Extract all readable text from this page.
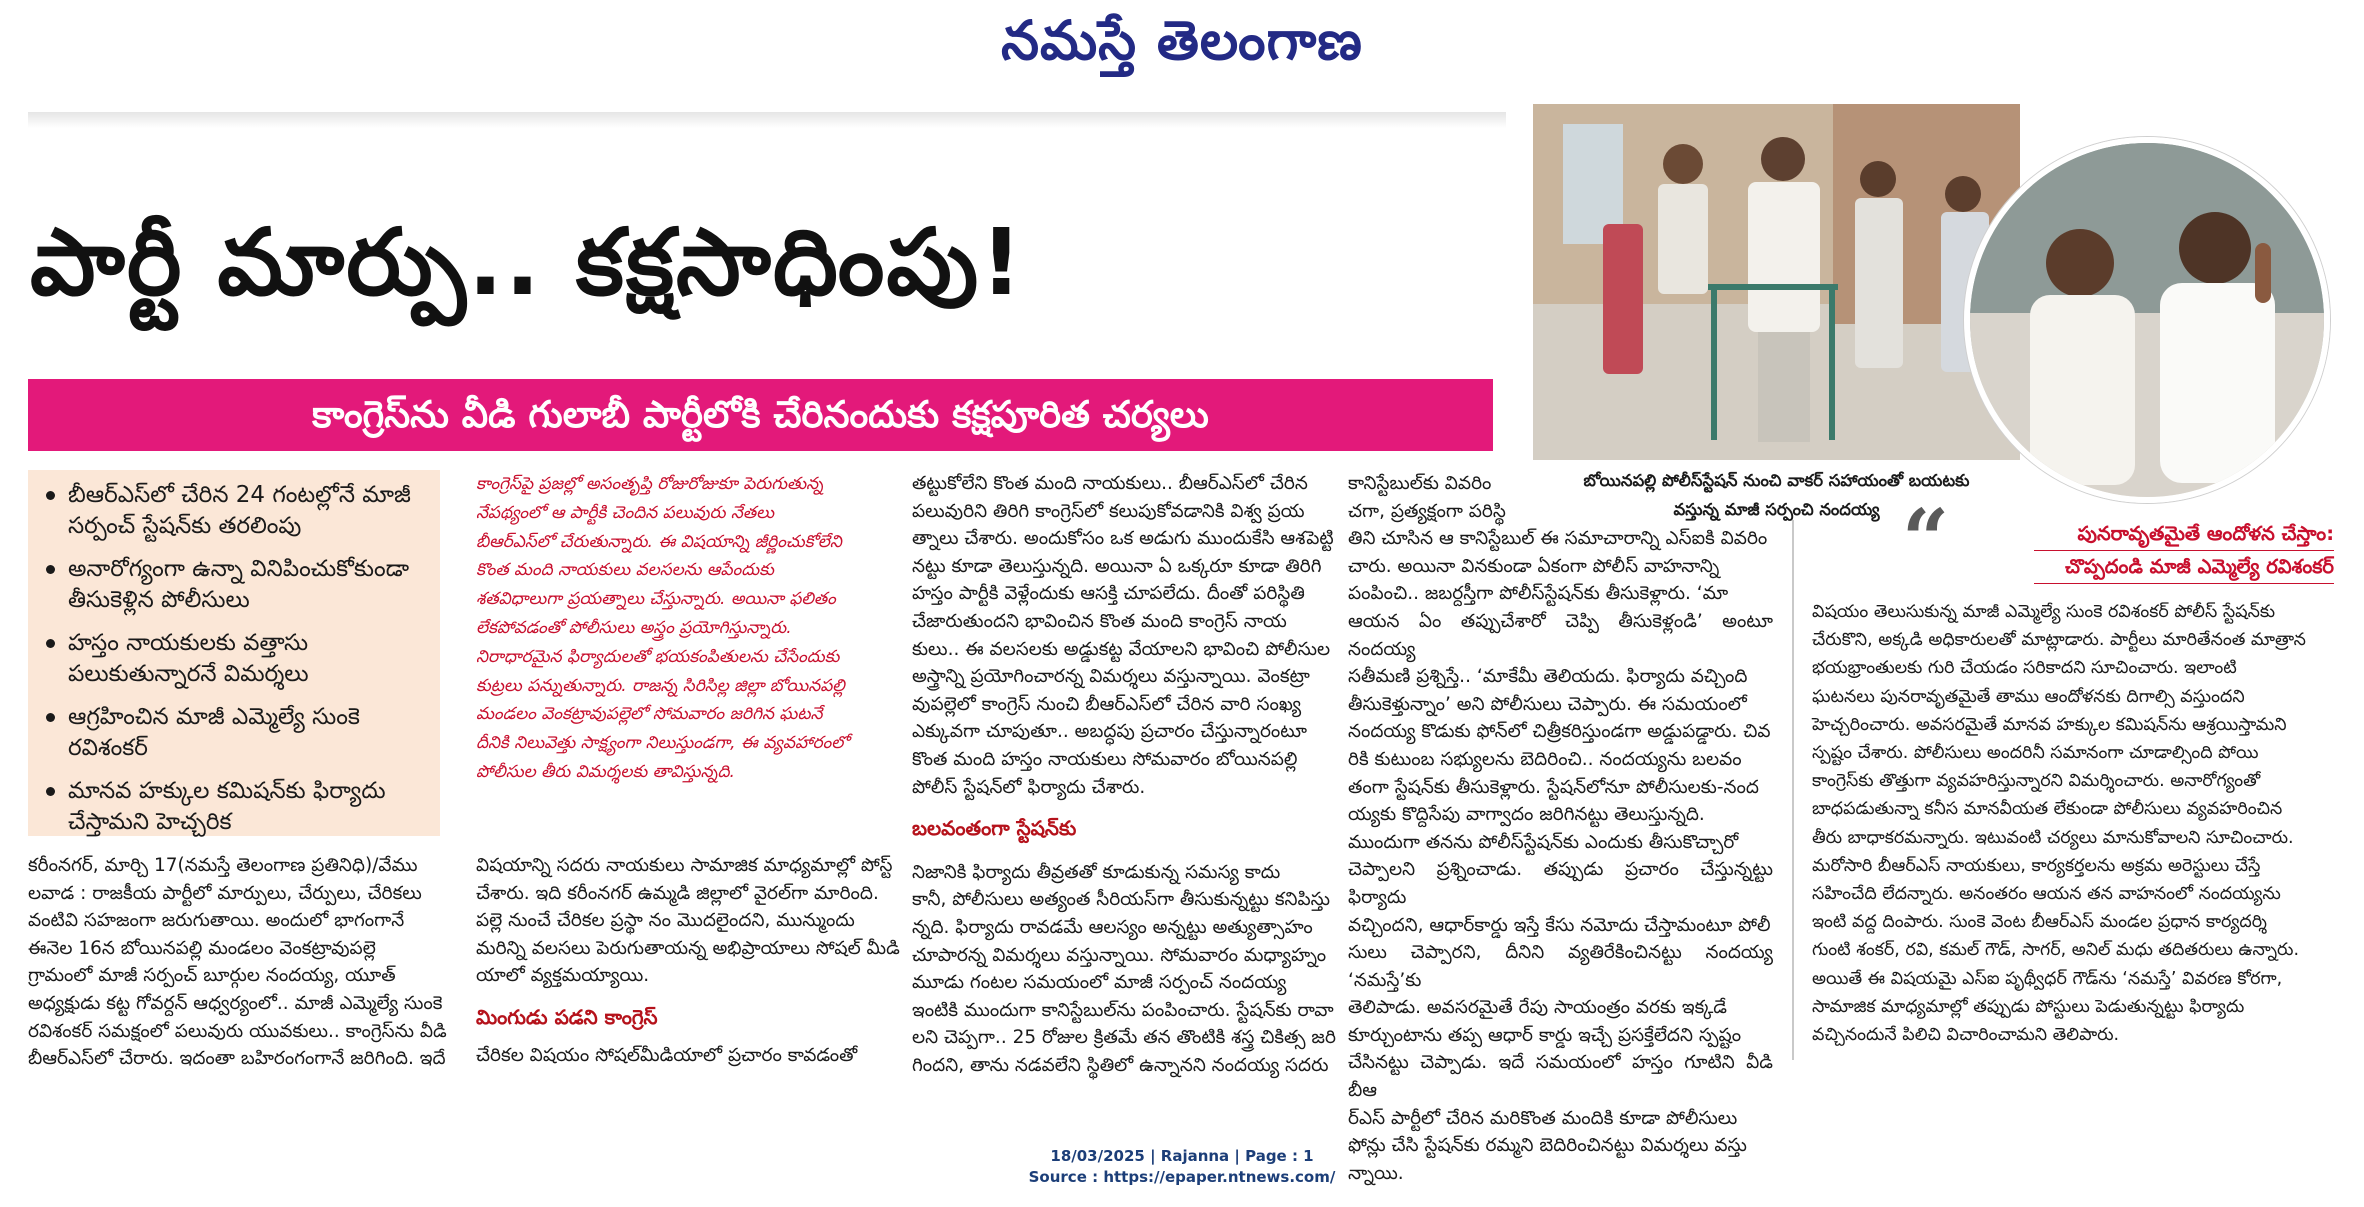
నమస్తే తెలంగాణ
పార్టీ మార్పు.. కక్షసాధింపు!
కాంగ్రెస్‌ను వీడి గులాబీ పార్టీలోకి చేరినందుకు కక్షపూరిత చర్యలు
బీఆర్‌ఎస్‌లో చేరిన 24 గంటల్లోనే మాజీ సర్పంచ్‌ స్టేషన్‌కు తరలింపు
అనారోగ్యంగా ఉన్నా వినిపించుకోకుండా తీసుకెళ్లిన పోలీసులు
హస్తం నాయకులకు వత్తాసు పలుకుతున్నారనే విమర్శలు
ఆగ్రహించిన మాజీ ఎమ్మెల్యే సుంకె రవిశంకర్‌
మానవ హక్కుల కమిషన్‌కు ఫిర్యాదు చేస్తామని హెచ్చరిక
కాంగ్రెస్‌పై ప్రజల్లో అసంతృప్తి రోజురోజుకూ పెరుగుతున్న
నేపథ్యంలో ఆ పార్టీకి చెందిన పలువురు నేతలు
బీఆర్‌ఎస్‌లో చేరుతున్నారు. ఈ విషయాన్ని జీర్ణించుకోలేని
కొంత మంది నాయకులు వలసలను ఆపేందుకు
శతవిధాలుగా ప్రయత్నాలు చేస్తున్నారు. అయినా ఫలితం
లేకపోవడంతో పోలీసులు అస్త్రం ప్రయోగిస్తున్నారు.
నిరాధారమైన ఫిర్యాదులతో భయకంపితులను చేసేందుకు
కుట్రలు పన్నుతున్నారు. రాజన్న సిరిసిల్ల జిల్లా బోయినపల్లి
మండలం వెంకట్రావుపల్లెలో సోమవారం జరిగిన ఘటనే
దీనికి నిలువెత్తు సాక్ష్యంగా నిలుస్తుండగా, ఈ వ్యవహారంలో
పోలీసుల తీరు విమర్శలకు తావిస్తున్నది.

కరీంనగర్‌, మార్చి 17(నమస్తే తెలంగాణ ప్రతినిధి)/వేము

లవాడ : రాజకీయ పార్టీలో మార్పులు, చేర్పులు, చేరికలు

వంటివి సహజంగా జరుగుతాయి. అందులో భాగంగానే

ఈనెల 16న బోయినపల్లి మండలం వెంకట్రావుపల్లె

గ్రామంలో మాజీ సర్పంచ్‌ బూర్గుల నందయ్య, యూత్‌

అధ్యక్షుడు కట్ట గోవర్దన్‌ ఆధ్వర్యంలో.. మాజీ ఎమ్మెల్యే సుంకె

రవిశంకర్‌ సమక్షంలో పలువురు యువకులు.. కాంగ్రెస్‌ను వీడి

బీఆర్‌ఎస్‌లో చేరారు. ఇదంతా బహిరంగంగానే జరిగింది. ఇదే

విషయాన్ని సదరు నాయకులు సామాజిక మాధ్యమాల్లో పోస్ట్‌

చేశారు. ఇది కరీంనగర్‌ ఉమ్మడి జిల్లాలో వైరల్‌గా మారింది.

పల్లె నుంచే చేరికల ప్రస్థా నం మొదలైందని, మున్ముందు

మరిన్ని వలసలు పెరుగుతాయన్న అభిప్రాయాలు సోషల్‌ మీడి

యాలో వ్యక్తమయ్యాయి.

మింగుడు పడని కాంగ్రెస్‌

చేరికల విషయం సోషల్‌మీడియాలో ప్రచారం కావడంతో

తట్టుకోలేని కొంత మంది నాయకులు.. బీఆర్‌ఎస్‌లో చేరిన

పలువురిని తిరిగి కాంగ్రెస్‌లో కలుపుకోవడానికి విశ్వ ప్రయ

త్నాలు చేశారు. అందుకోసం ఒక అడుగు ముందుకేసి ఆశపెట్టి

నట్టు కూడా తెలుస్తున్నది. అయినా ఏ ఒక్కరూ కూడా తిరిగి

హస్తం పార్టీకి వెళ్లేందుకు ఆసక్తి చూపలేదు. దీంతో పరిస్థితి

చేజారుతుందని భావించిన కొంత మంది కాంగ్రెస్‌ నాయ

కులు.. ఈ వలసలకు అడ్డుకట్ట వేయాలని భావించి పోలీసుల

అస్త్రాన్ని ప్రయోగించారన్న విమర్శలు వస్తున్నాయి. వెంకట్రా

వుపల్లెలో కాంగ్రెస్‌ నుంచి బీఆర్‌ఎస్‌లో చేరిన వారి సంఖ్య

ఎక్కువగా చూపుతూ.. అబద్ధపు ప్రచారం చేస్తున్నారంటూ

కొంత మంది హస్తం నాయకులు సోమవారం బోయినపల్లి

పోలీస్‌ స్టేషన్‌లో ఫిర్యాదు చేశారు.

బలవంతంగా స్టేషన్‌కు

నిజానికి ఫిర్యాదు తీవ్రతతో కూడుకున్న సమస్య కాదు

కానీ, పోలీసులు అత్యంత సీరియస్‌గా తీసుకున్నట్టు కనిపిస్తు

న్నది. ఫిర్యాదు రావడమే ఆలస్యం అన్నట్టు అత్యుత్సాహం

చూపారన్న విమర్శలు వస్తున్నాయి. సోమవారం మధ్యాహ్నం

మూడు గంటల సమయంలో మాజీ సర్పంచ్‌ నందయ్య

ఇంటికి ముందుగా కానిస్టేబుల్‌ను పంపించారు. స్టేషన్‌కు రావా

లని చెప్పగా.. 25 రోజుల క్రితమే తన తొంటికి శస్త్ర చికిత్స జరి

గిందని, తాను నడవలేని స్థితిలో ఉన్నానని నందయ్య సదరు

కానిస్టేబుల్‌కు వివరిం

చగా, ప్రత్యక్షంగా పరిస్థి

తిని చూసిన ఆ కానిస్టేబుల్‌ ఈ సమాచారాన్ని ఎస్‌ఐకి వివరిం

చారు. అయినా వినకుండా ఏకంగా పోలీస్‌ వాహనాన్ని

పంపించి.. జబర్దస్తీగా పోలీస్‌స్టేషన్‌కు తీసుకెళ్లారు. ‘మా

ఆయన ఏం తప్పుచేశారో చెప్పి తీసుకెళ్లండి’ అంటూ నందయ్య

సతీమణి ప్రశ్నిస్తే.. ‘మాకేమీ తెలియదు. ఫిర్యాదు వచ్చింది

తీసుకెళ్తున్నాం’ అని పోలీసులు చెప్పారు. ఈ సమయంలో

నందయ్య కొడుకు ఫోన్‌లో చిత్రీకరిస్తుండగా అడ్డుపడ్డారు. చివ

రికి కుటుంబ సభ్యులను బెదిరించి.. నందయ్యను బలవం

తంగా స్టేషన్‌కు తీసుకెళ్లారు. స్టేషన్‌లోనూ పోలీసులకు-నంద

య్యకు కొద్దిసేపు వాగ్వాదం జరిగినట్టు తెలుస్తున్నది.

ముందుగా తనను పోలీస్‌స్టేషన్‌కు ఎందుకు తీసుకొచ్చారో

చెప్పాలని ప్రశ్నించాడు. తప్పుడు ప్రచారం చేస్తున్నట్టు ఫిర్యాదు

వచ్చిందని, ఆధార్‌కార్డు ఇస్తే కేసు నమోదు చేస్తామంటూ పోలీ

సులు చెప్పారని, దీనిని వ్యతిరేకించినట్టు నందయ్య ‘నమస్తే’కు

తెలిపాడు. అవసరమైతే రేపు సాయంత్రం వరకు ఇక్కడే

కూర్చుంటాను తప్ప ఆధార్‌ కార్డు ఇచ్చే ప్రసక్తేలేదని స్పష్టం

చేసినట్టు చెప్పాడు. ఇదే సమయంలో హస్తం గూటిని వీడి బీఆ

ర్‌ఎస్‌ పార్టీలో చేరిన మరికొంత మందికి కూడా పోలీసులు

ఫోన్లు చేసి స్టేషన్‌కు రమ్మని బెదిరించినట్టు విమర్శలు వస్తు

న్నాయి.

బోయినపల్లి పోలీస్‌స్టేషన్‌ నుంచి వాకర్‌ సహాయంతో బయటకు
వస్తున్న మాజీ సర్పంచి నందయ్య “	పునరావృతమైతే ఆందోళన చేస్తాం:
చొప్పదండి మాజీ ఎమ్మెల్యే రవిశంకర్‌

విషయం తెలుసుకున్న మాజీ ఎమ్మెల్యే సుంకె రవిశంకర్‌ పోలీస్‌ స్టేషన్‌కు

చేరుకొని, అక్కడి అధికారులతో మాట్లాడారు. పార్టీలు మారితేనంత మాత్రాన

భయభ్రాంతులకు గురి చేయడం సరికాదని సూచించారు. ఇలాంటి

ఘటనలు పునరావృతమైతే తాము ఆందోళనకు దిగాల్సి వస్తుందని

హెచ్చరించారు. అవసరమైతే మానవ హక్కుల కమిషన్‌ను ఆశ్రయిస్తామని

స్పష్టం చేశారు. పోలీసులు అందరినీ సమానంగా చూడాల్సింది పోయి

కాంగ్రెస్‌కు తొత్తుగా వ్యవహరిస్తున్నారని విమర్శించారు. అనారోగ్యంతో

బాధపడుతున్నా కనీస మానవీయత లేకుండా పోలీసులు వ్యవహరించిన

తీరు బాధాకరమన్నారు. ఇటువంటి చర్యలు మానుకోవాలని సూచించారు.

మరోసారి బీఆర్‌ఎస్‌ నాయకులు, కార్యకర్తలను అక్రమ అరెస్టులు చేస్తే

సహించేది లేదన్నారు. అనంతరం ఆయన తన వాహనంలో నందయ్యను

ఇంటి వద్ద దింపారు. సుంకె వెంట బీఆర్‌ఎస్‌ మండల ప్రధాన కార్యదర్శి

గుంటి శంకర్‌, రవి, కమల్‌ గౌడ్‌, సాగర్‌, అనిల్‌ మధు తదితరులు ఉన్నారు.

అయితే ఈ విషయమై ఎస్‌ఐ పృథ్వీధర్‌ గౌడ్‌ను ‘నమస్తే’ వివరణ కోరగా,

సామాజిక మాధ్యమాల్లో తప్పుడు పోస్టులు పెడుతున్నట్టు ఫిర్యాదు

వచ్చినందునే పిలిచి విచారించామని తెలిపారు.

18/03/2025 | Rajanna | Page : 1
Source : https://epaper.ntnews.com/
